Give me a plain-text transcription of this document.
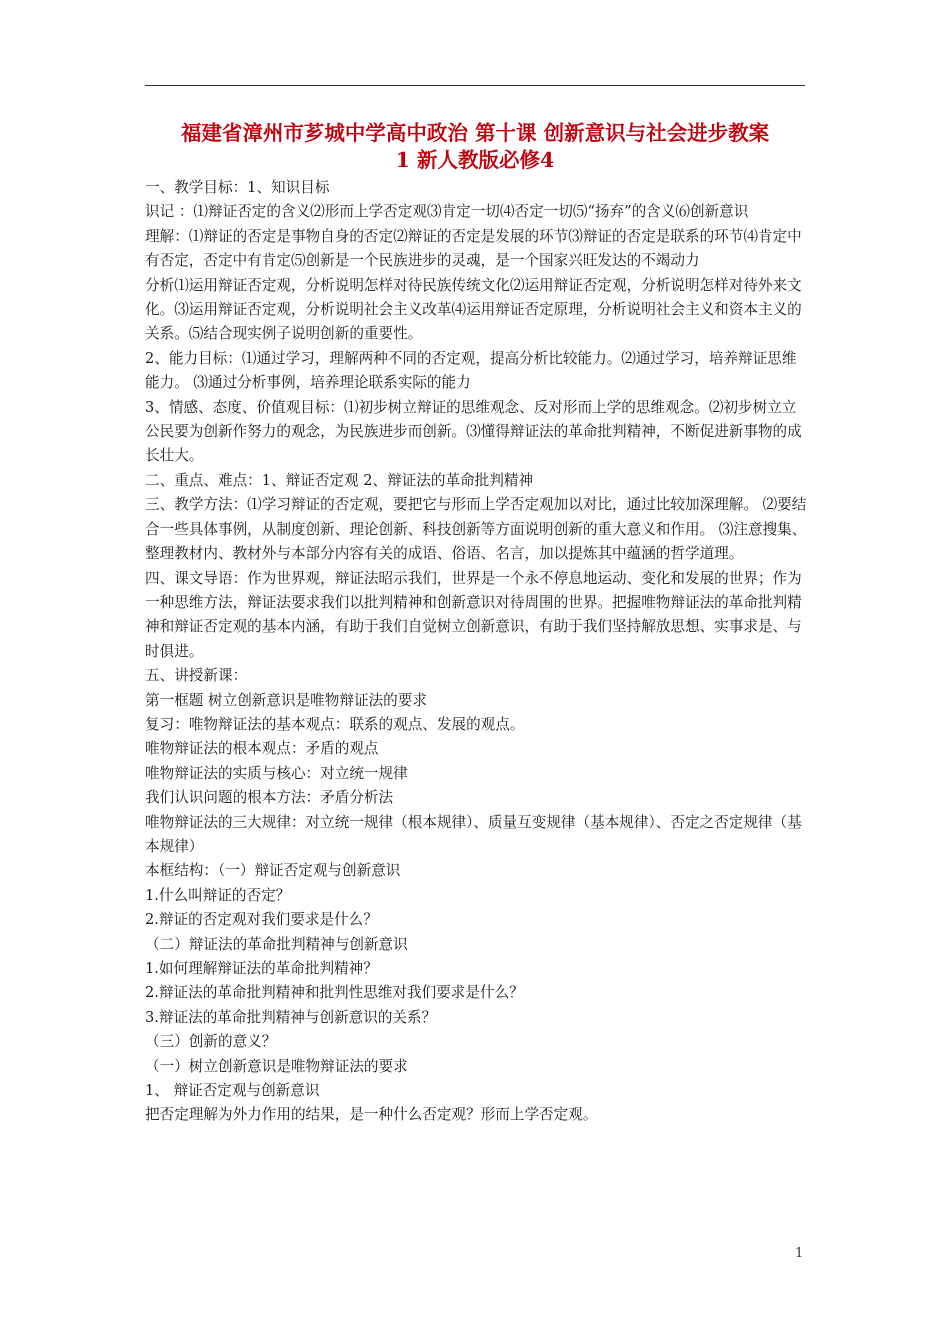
福建省漳州市芗城中学高中政治 第十课 创新意识与社会进步教案
1 新人教版必修4

一、教学目标：1、知识目标

识记 ：⑴辩证否定的含义⑵形而上学否定观⑶肯定一切⑷否定一切⑸“扬弃”的含义⑹创新意识

理解：⑴辩证的否定是事物自身的否定⑵辩证的否定是发展的环节⑶辩证的否定是联系的环节⑷肯定中有否定，否定中有肯定⑸创新是一个民族进步的灵魂，是一个国家兴旺发达的不竭动力

分析⑴运用辩证否定观，分析说明怎样对待民族传统文化⑵运用辩证否定观，分析说明怎样对待外来文化。⑶运用辩证否定观，分析说明社会主义改革⑷运用辩证否定原理，分析说明社会主义和资本主义的关系。⑸结合现实例子说明创新的重要性。

2、能力目标：⑴通过学习，理解两种不同的否定观，提高分析比较能力。⑵通过学习，培养辩证思维能力。 ⑶通过分析事例，培养理论联系实际的能力

3、情感、态度、价值观目标：⑴初步树立辩证的思维观念、反对形而上学的思维观念。⑵初步树立立公民要为创新作努力的观念，为民族进步而创新。⑶懂得辩证法的革命批判精神，不断促进新事物的成长壮大。

二、重点、难点：1、辩证否定观 2、辩证法的革命批判精神

三、教学方法：⑴学习辩证的否定观，要把它与形而上学否定观加以对比，通过比较加深理解。 ⑵要结合一些具体事例，从制度创新、理论创新、科技创新等方面说明创新的重大意义和作用。 ⑶注意搜集、整理教材内、教材外与本部分内容有关的成语、俗语、名言，加以提炼其中蕴涵的哲学道理。

四、课文导语：作为世界观，辩证法昭示我们，世界是一个永不停息地运动、变化和发展的世界；作为一种思维方法，辩证法要求我们以批判精神和创新意识对待周围的世界。把握唯物辩证法的革命批判精神和辩证否定观的基本内涵，有助于我们自觉树立创新意识，有助于我们坚持解放思想、实事求是、与时俱进。

五、讲授新课：

第一框题 树立创新意识是唯物辩证法的要求

复习：唯物辩证法的基本观点：联系的观点、发展的观点。

唯物辩证法的根本观点：矛盾的观点

唯物辩证法的实质与核心：对立统一规律

我们认识问题的根本方法：矛盾分析法

唯物辩证法的三大规律：对立统一规律（根本规律）、质量互变规律（基本规律）、否定之否定规律（基本规律）

本框结构：（一）辩证否定观与创新意识

1.什么叫辩证的否定？

2.辩证的否定观对我们要求是什么？

（二）辩证法的革命批判精神与创新意识

1.如何理解辩证法的革命批判精神？

2.辩证法的革命批判精神和批判性思维对我们要求是什么？

3.辩证法的革命批判精神与创新意识的关系？

（三）创新的意义？

（一）树立创新意识是唯物辩证法的要求

1、 辩证否定观与创新意识

把否定理解为外力作用的结果，是一种什么否定观？形而上学否定观。

1
